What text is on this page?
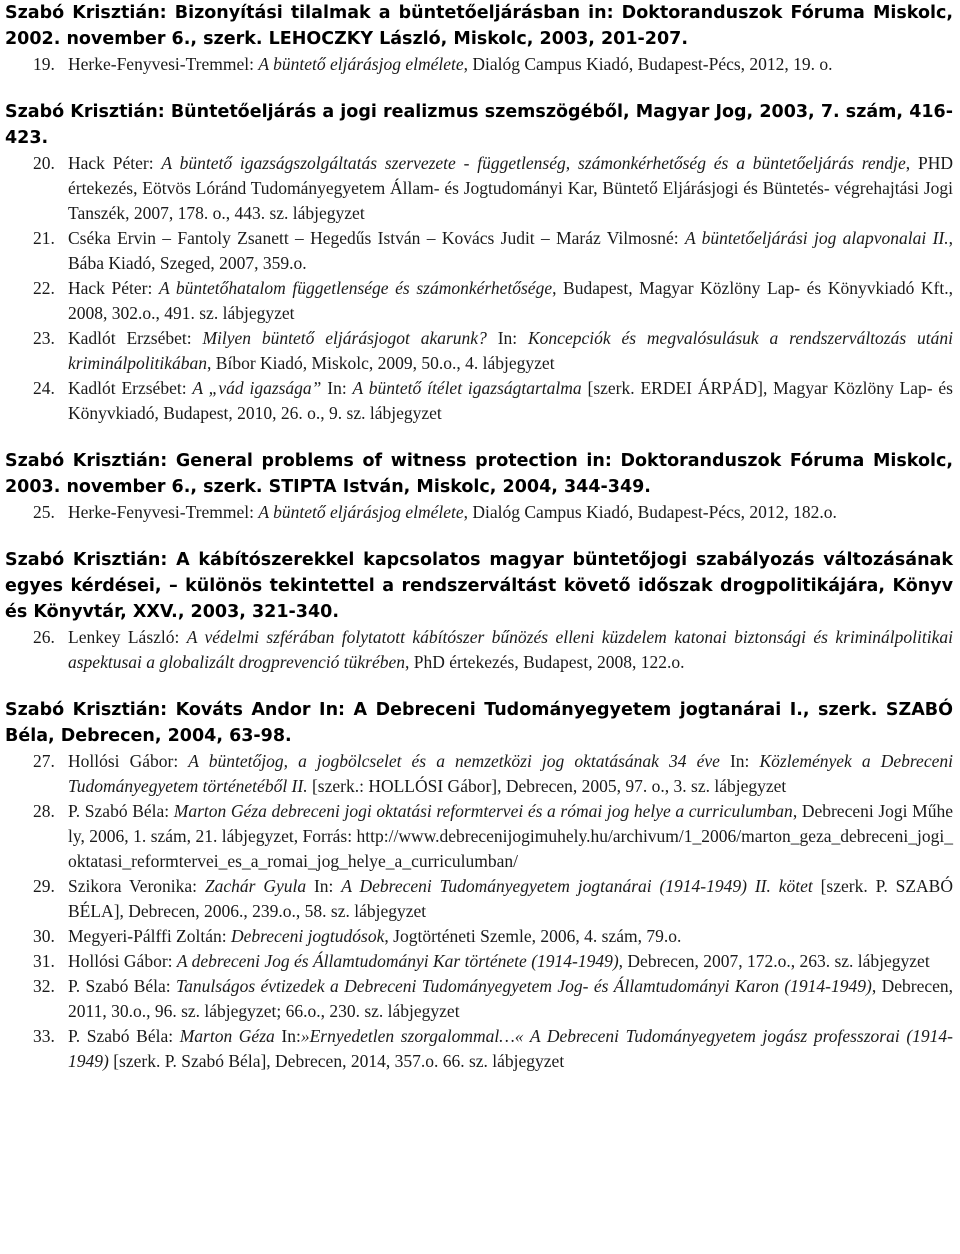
Szabó Krisztián: Bizonyítási tilalmak a büntetőeljárásban in: Doktoranduszok Fóruma Miskolc, 2002. november 6., szerk. LEHOCZKY László, Miskolc, 2003, 201-207.

19. Herke-Fenyvesi-Tremmel: A büntető eljárásjog elmélete, Dialóg Campus Kiadó, Budapest-Pécs, 2012, 19. o.

Szabó Krisztián: Büntetőeljárás a jogi realizmus szemszögéből, Magyar Jog, 2003, 7. szám, 416-423.

20. Hack Péter: A büntető igazságszolgáltatás szervezete - függetlenség, számonkérhetőség és a büntetőeljárás rendje, PHD értekezés, Eötvös Lóránd Tudományegyetem Állam- és Jogtudományi Kar, Büntető Eljárásjogi és Büntetés- végrehajtási Jogi Tanszék, 2007, 178. o., 443. sz. lábjegyzet
21. Cséka Ervin – Fantoly Zsanett – Hegedűs István – Kovács Judit – Maráz Vilmosné: A büntetőeljárási jog alapvonalai II., Bába Kiadó, Szeged, 2007, 359.o.
22. Hack Péter: A büntetőhatalom függetlensége és számonkérhetősége, Budapest, Magyar Közlöny Lap- és Könyvkiadó Kft., 2008, 302.o., 491. sz. lábjegyzet
23. Kadlót Erzsébet: Milyen büntető eljárásjogot akarunk? In: Koncepciók és megvalósulásuk a rendszerváltozás utáni kriminálpolitikában, Bíbor Kiadó, Miskolc, 2009, 50.o., 4. lábjegyzet
24. Kadlót Erzsébet: A „vád igazsága” In: A büntető ítélet igazságtartalma [szerk. ERDEI ÁRPÁD], Magyar Közlöny Lap- és Könyvkiadó, Budapest, 2010, 26. o., 9. sz. lábjegyzet

Szabó Krisztián: General problems of witness protection in: Doktoranduszok Fóruma Miskolc, 2003. november 6., szerk. STIPTA István, Miskolc, 2004, 344-349.

25. Herke-Fenyvesi-Tremmel: A büntető eljárásjog elmélete, Dialóg Campus Kiadó, Budapest-Pécs, 2012, 182.o.

Szabó Krisztián: A kábítószerekkel kapcsolatos magyar büntetőjogi szabályozás változásának egyes kérdései, – különös tekintettel a rendszerváltást követő időszak drogpolitikájára, Könyv és Könyvtár, XXV., 2003, 321-340.

26. Lenkey László: A védelmi szférában folytatott kábítószer bűnözés elleni küzdelem katonai biztonsági és kriminálpolitikai aspektusai a globalizált drogprevenció tükrében, PhD értekezés, Budapest, 2008, 122.o.

Szabó Krisztián: Kováts Andor In: A Debreceni Tudományegyetem jogtanárai I., szerk. SZABÓ Béla, Debrecen, 2004, 63-98.

27. Hollósi Gábor: A büntetőjog, a jogbölcselet és a nemzetközi jog oktatásának 34 éve In: Közlemények a Debreceni Tudományegyetem történetéből II. [szerk.: HOLLÓSI Gábor], Debrecen, 2005, 97. o., 3. sz. lábjegyzet
28. P. Szabó Béla: Marton Géza debreceni jogi oktatási reformtervei és a római jog helye a curriculumban, Debreceni Jogi Műhely, 2006, 1. szám, 21. lábjegyzet, Forrás: http://www.debrecenijogimuhely.hu/archivum/1_2006/marton_geza_debreceni_jogi_oktatasi_reformtervei_es_a_romai_jog_helye_a_curriculumban/
29. Szikora Veronika: Zachár Gyula In: A Debreceni Tudományegyetem jogtanárai (1914-1949) II. kötet [szerk. P. SZABÓ BÉLA], Debrecen, 2006., 239.o., 58. sz. lábjegyzet
30. Megyeri-Pálffi Zoltán: Debreceni jogtudósok, Jogtörténeti Szemle, 2006, 4. szám, 79.o.
31. Hollósi Gábor: A debreceni Jog és Államtudományi Kar története (1914-1949), Debrecen, 2007, 172.o., 263. sz. lábjegyzet
32. P. Szabó Béla: Tanulságos évtizedek a Debreceni Tudományegyetem Jog- és Államtudományi Karon (1914-1949), Debrecen, 2011, 30.o., 96. sz. lábjegyzet; 66.o., 230. sz. lábjegyzet
33. P. Szabó Béla: Marton Géza In:»Ernyedetlen szorgalommal…« A Debreceni Tudományegyetem jogász professzorai (1914-1949) [szerk. P. Szabó Béla], Debrecen, 2014, 357.o. 66. sz. lábjegyzet
